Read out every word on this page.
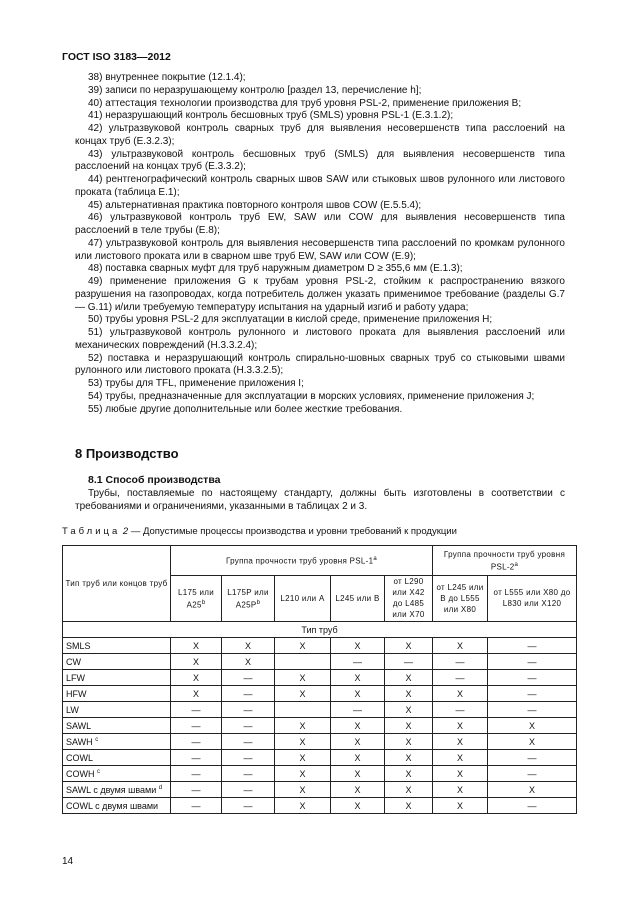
ГОСТ ISO 3183—2012

38) внутреннее покрытие (12.1.4);

39) записи по неразрушающему контролю [раздел 13, перечисление h];

40) аттестация технологии производства для труб уровня PSL-2, применение приложения В;

41) неразрушающий контроль бесшовных труб (SMLS) уровня PSL-1 (Е.3.1.2);

42) ультразвуковой контроль сварных труб для выявления несовершенств типа расслоений на концах труб (Е.3.2.3);

43) ультразвуковой контроль бесшовных труб (SMLS) для выявления несовершенств типа расслоений на концах труб (Е.3.3.2);

44) рентгенографический контроль сварных швов SAW или стыковых швов рулонного или листового проката (таблица Е.1);

45) альтернативная практика повторного контроля швов COW (Е.5.5.4);

46) ультразвуковой контроль труб EW, SAW или COW для выявления несовершенств типа расслоений в теле трубы (Е.8);

47) ультразвуковой контроль для выявления несовершенств типа расслоений по кромкам рулонного или листового проката или в сварном шве труб EW, SAW или COW (Е.9);

48) поставка сварных муфт для труб наружным диаметром D ≥ 355,6 мм (Е.1.3);

49) применение приложения G к трубам уровня PSL-2, стойким к распространению вязкого разрушения на газопроводах, когда потребитель должен указать применимое требование (разделы G.7— G.11) и/или требуемую температуру испытания на ударный изгиб и работу удара;

50) трубы уровня PSL-2 для эксплуатации в кислой среде, применение приложения Н;

51) ультразвуковой контроль рулонного и листового проката для выявления расслоений или механических повреждений (Н.3.3.2.4);

52) поставка и неразрушающий контроль спирально-шовных сварных труб со стыковыми швами рулонного или листового проката (Н.3.3.2.5);

53) трубы для TFL, применение приложения I;

54) трубы, предназначенные для эксплуатации в морских условиях, применение приложения J;

55) любые другие дополнительные или более жесткие требования.

8 Производство
8.1 Способ производства
Трубы, поставляемые по настоящему стандарту, должны быть изготовлены в соответствии с требованиями и ограничениями, указанными в таблицах 2 и 3.
Таблица 2 — Допустимые процессы производства и уровни требований к продукции
Тип труб или концов труб	Группа прочности труб уровня PSL-1$^a$					Группа прочности труб уровня PSL-2$^a$
	L175 или A25$^b$	L175P или $A25P^b$	L210 или A	L245 или B	от L290 или X42 до L485 или X70	от L245 или B до L555 или X80	от L555 или X80 до L830 или X120
Тип труб							
SMLS	X	X	X	X	X	X	—
CW	X	X		—	—	—	—
LFW	X	—	X	X	X	—	—
HFW	X	—	X	X	X	X	—
LW	—	—		—	X	—	—
SAWL	—	—	X	X	X	X	X
SAWH $^c$	—	—	X	X	X	X	X
COWL	—	—	X	X	X	X	—
COWH $^c$	—	—	X	X	X	X	—
SAWL с двумя швами $^d$	—	—	X	X	X	X	X
COWL с двумя швами	—	—	X	X	X	X	—
14
